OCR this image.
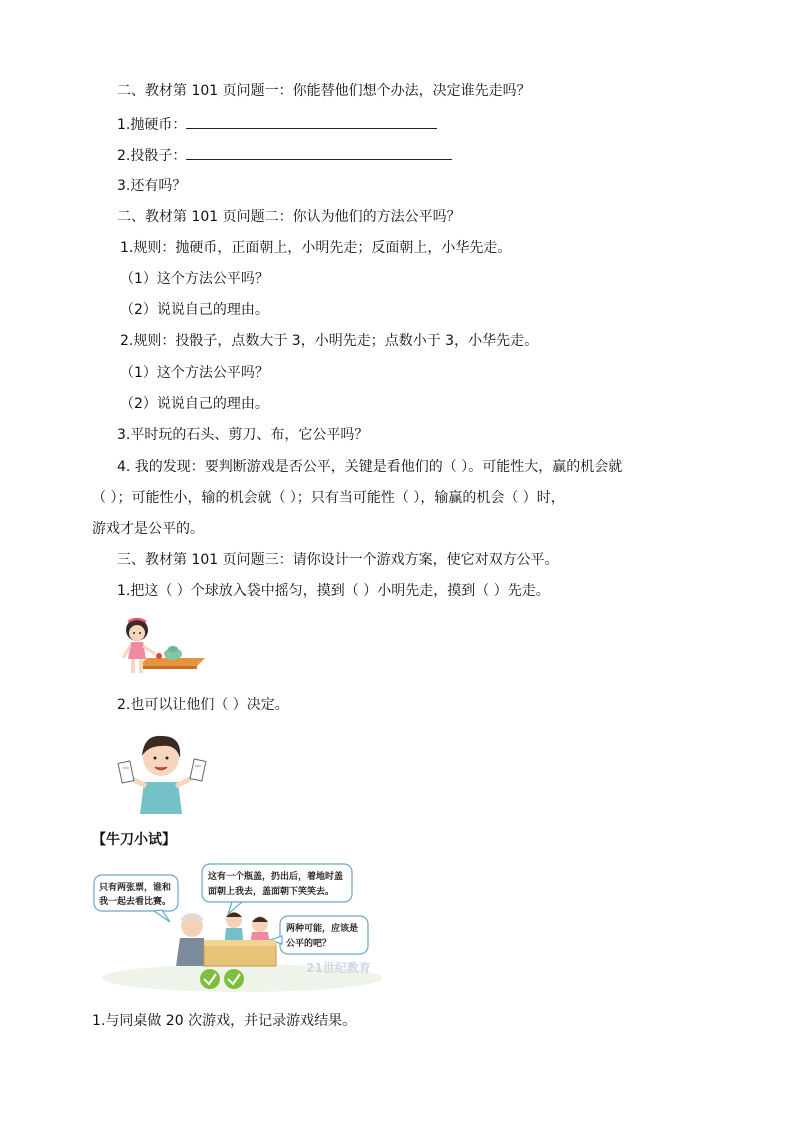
二、教材第 101 页问题一：你能替他们想个办法，决定谁先走吗？
1.抛硬币：
2.投骰子：
3.还有吗？
二、教材第 101 页问题二：你认为他们的方法公平吗？
1.规则：抛硬币，正面朝上，小明先走；反面朝上，小华先走。
（1）这个方法公平吗？
（2）说说自己的理由。
2.规则：投骰子，点数大于 3，小明先走；点数小于 3，小华先走。
（1）这个方法公平吗？
（2）说说自己的理由。
3.平时玩的石头、剪刀、布，它公平吗？
4. 我的发现：要判断游戏是否公平，关键是看他们的（ ）。可能性大，赢的机会就
（ ）；可能性小，输的机会就（ ）；只有当可能性（ ），输赢的机会（ ）时，
游戏才是公平的。
三、教材第 101 页问题三：请你设计一个游戏方案，使它对双方公平。
1.把这（ ）个球放入袋中摇匀，摸到（ ）小明先走，摸到（ ）先走。
2.也可以让他们（ ）决定。
【牛刀小试】
只有两张票，谁和
我一起去看比赛。
这有一个瓶盖，扔出后，着地时盖
面朝上我去，盖面朝下笑笑去。
两种可能，应该是
公平的吧？
21世纪教育
1.与同桌做 20 次游戏，并记录游戏结果。
